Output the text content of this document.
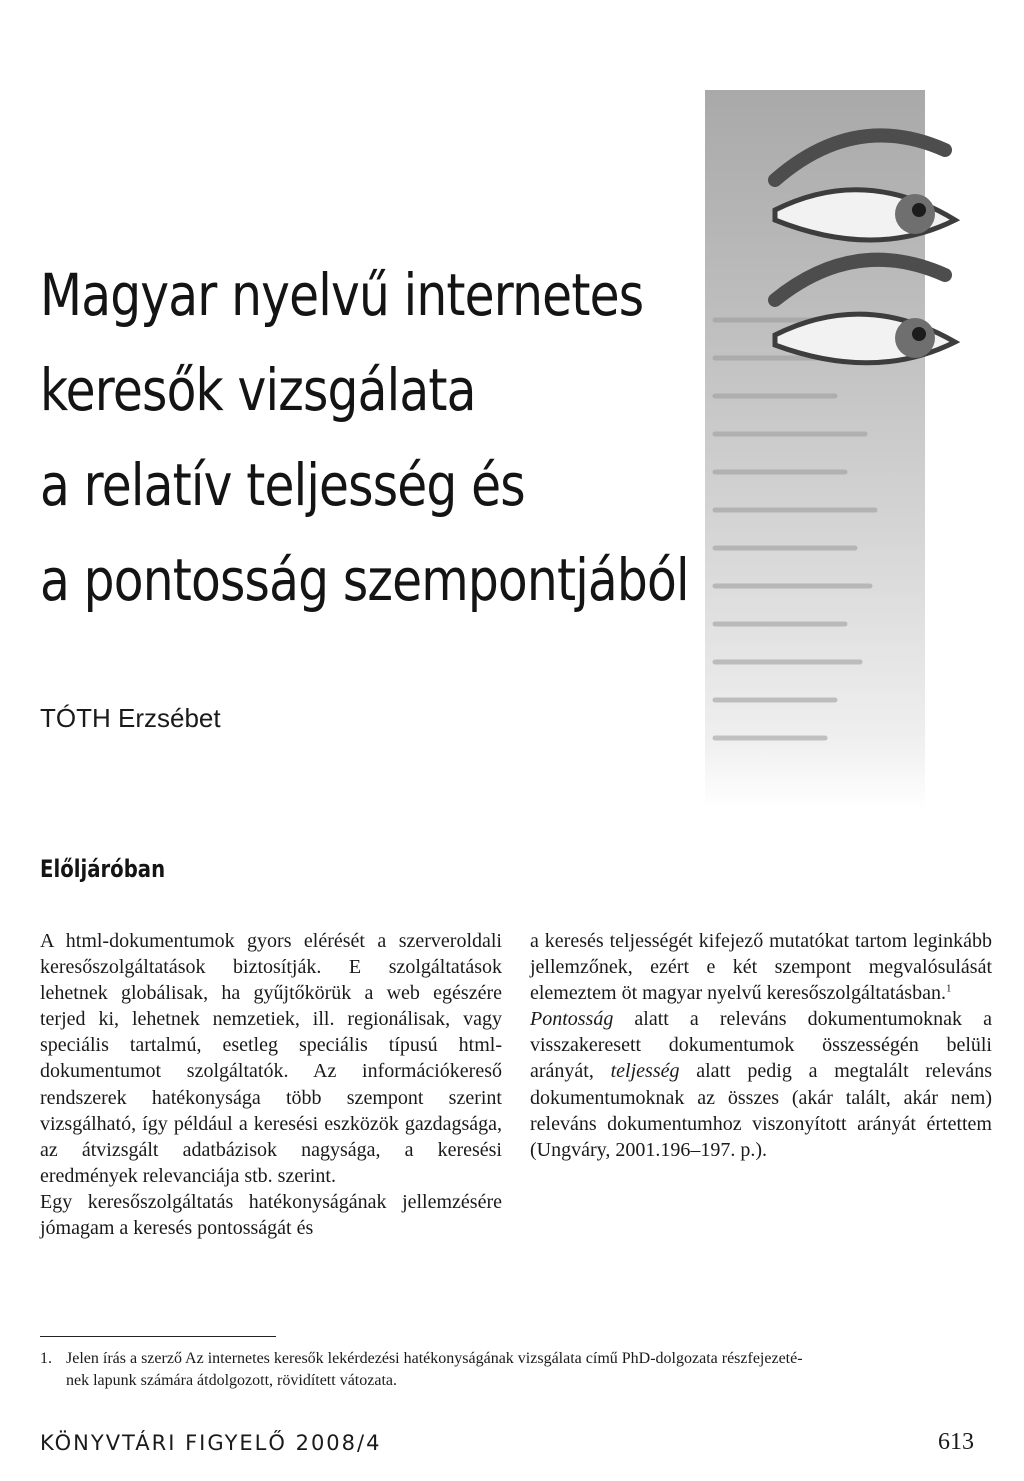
Magyar nyelvű internetes
keresők vizsgálata
a relatív teljesség és
a pontosság szempontjából
TÓTH Erzsébet
Előljáróban

A html-dokumentumok gyors elérését a szerveroldali keresőszolgáltatások biztosítják. E szolgáltatások lehetnek globálisak, ha gyűjtőkörük a web egészére terjed ki, lehetnek nemzetiek, ill. regionálisak, vagy speciális tartalmú, esetleg speciális típusú html-dokumentumot szolgáltatók. Az információkereső rendszerek hatékonysága több szempont szerint vizsgálható, így például a keresési eszközök gazdagsága, az átvizsgált adatbázisok nagysága, a keresési eredmények relevanciája stb. szerint.

Egy keresőszolgáltatás hatékonyságának jellemzésére jómagam a keresés pontosságát és

a keresés teljességét kifejező mutatókat tartom leginkább jellemzőnek, ezért e két szempont megvalósulását elemeztem öt magyar nyelvű keresőszolgáltatásban.$^1$

Pontosság alatt a releváns dokumentumoknak a visszakeresett dokumentumok összességén belüli arányát, teljesség alatt pedig a megtalált releváns dokumentumoknak az összes (akár talált, akár nem) releváns dokumentumhoz viszonyított arányát értettem (Ungváry, 2001.196–197. p.).

1. Jelen írás a szerző Az internetes keresők lekérdezési hatékonyságának vizsgálata című PhD-dolgozata részfejezeté-
nek lapunk számára átdolgozott, rövidített vátozata.
KÖNYVTÁRI FIGYELŐ 2008/4	613
